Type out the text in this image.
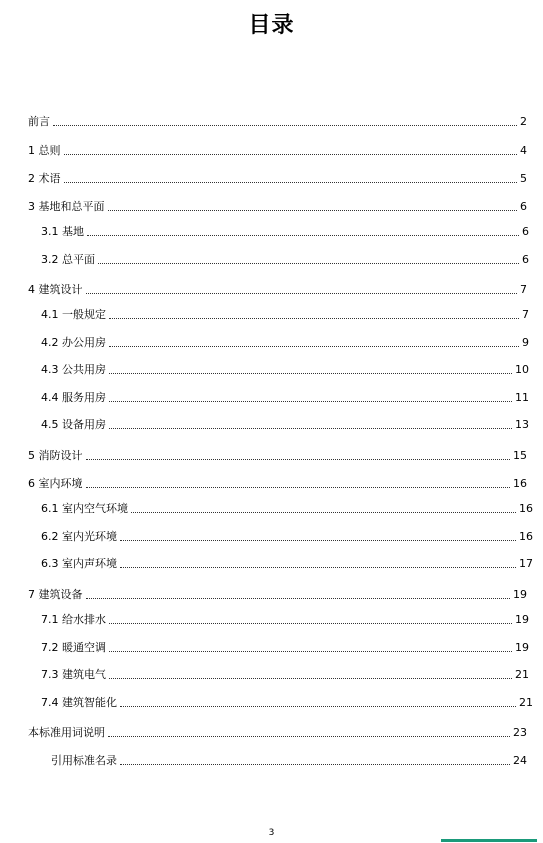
目录
前言	2
1 总则	4
2 术语	5
3 基地和总平面	6
3.1 基地	6
3.2 总平面	6
4 建筑设计	7
4.1 一般规定	7
4.2 办公用房	9
4.3 公共用房	10
4.4 服务用房	11
4.5 设备用房	13
5 消防设计	15
6 室内环境	16
6.1 室内空气环境	16
6.2 室内光环境	16
6.3 室内声环境	17
7 建筑设备	19
7.1 给水排水	19
7.2 暖通空调	19
7.3 建筑电气	21
7.4 建筑智能化	21
本标准用词说明	23
引用标准名录	24
3
